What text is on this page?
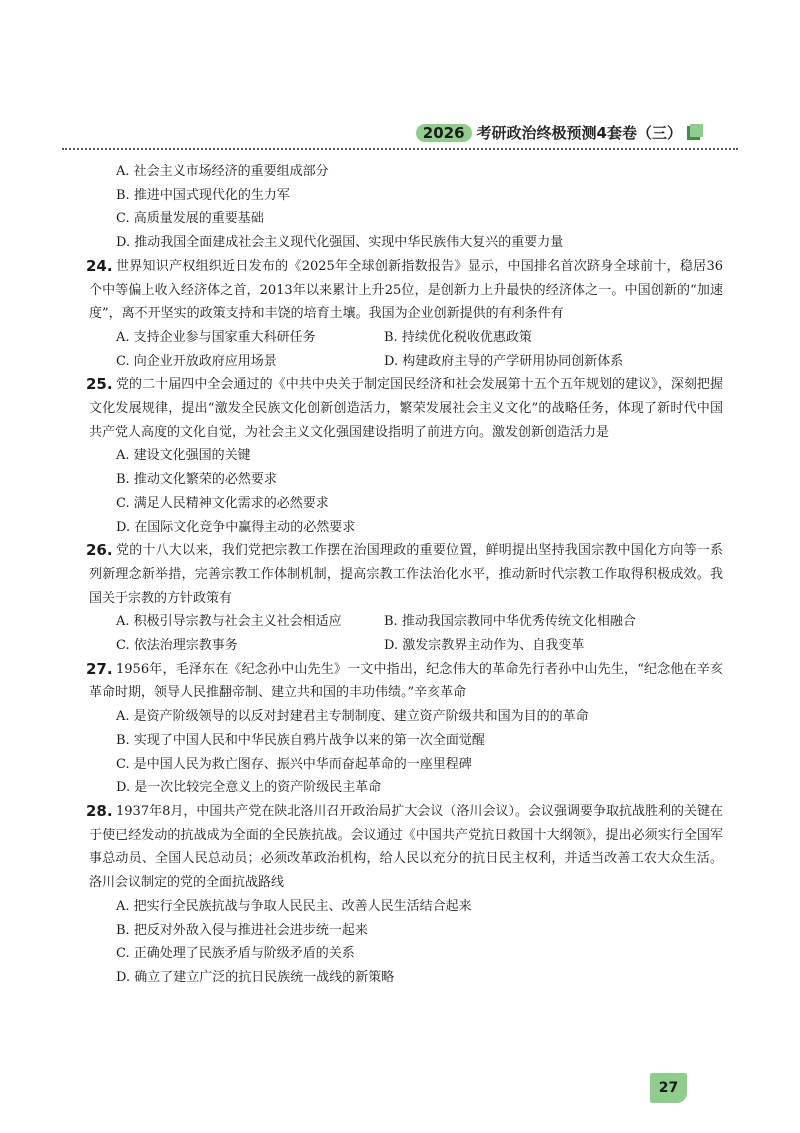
2026 考研政治终极预测4套卷（三）
A. 社会主义市场经济的重要组成部分
B. 推进中国式现代化的生力军
C. 高质量发展的重要基础
D. 推动我国全面建成社会主义现代化强国、实现中华民族伟大复兴的重要力量
24. 世界知识产权组织近日发布的《2025年全球创新指数报告》显示，中国排名首次跻身全球前十，稳居36个中等偏上收入经济体之首，2013年以来累计上升25位，是创新力上升最快的经济体之一。中国创新的“加速度”，离不开坚实的政策支持和丰饶的培育土壤。我国为企业创新提供的有利条件有
A. 支持企业参与国家重大科研任务	B. 持续优化税收优惠政策
C. 向企业开放政府应用场景	D. 构建政府主导的产学研用协同创新体系
25. 党的二十届四中全会通过的《中共中央关于制定国民经济和社会发展第十五个五年规划的建议》，深刻把握文化发展规律，提出“激发全民族文化创新创造活力，繁荣发展社会主义文化”的战略任务，体现了新时代中国共产党人高度的文化自觉，为社会主义文化强国建设指明了前进方向。激发创新创造活力是
A. 建设文化强国的关键
B. 推动文化繁荣的必然要求
C. 满足人民精神文化需求的必然要求
D. 在国际文化竞争中赢得主动的必然要求
26. 党的十八大以来，我们党把宗教工作摆在治国理政的重要位置，鲜明提出坚持我国宗教中国化方向等一系列新理念新举措，完善宗教工作体制机制，提高宗教工作法治化水平，推动新时代宗教工作取得积极成效。我国关于宗教的方针政策有
A. 积极引导宗教与社会主义社会相适应	B. 推动我国宗教同中华优秀传统文化相融合
C. 依法治理宗教事务	D. 激发宗教界主动作为、自我变革
27. 1956年，毛泽东在《纪念孙中山先生》一文中指出，纪念伟大的革命先行者孙中山先生，“纪念他在辛亥革命时期，领导人民推翻帝制、建立共和国的丰功伟绩。”辛亥革命
A. 是资产阶级领导的以反对封建君主专制制度、建立资产阶级共和国为目的的革命
B. 实现了中国人民和中华民族自鸦片战争以来的第一次全面觉醒
C. 是中国人民为救亡图存、振兴中华而奋起革命的一座里程碑
D. 是一次比较完全意义上的资产阶级民主革命
28. 1937年8月，中国共产党在陕北洛川召开政治局扩大会议（洛川会议）。会议强调要争取抗战胜利的关键在于使已经发动的抗战成为全面的全民族抗战。会议通过《中国共产党抗日救国十大纲领》，提出必须实行全国军事总动员、全国人民总动员；必须改革政治机构，给人民以充分的抗日民主权利，并适当改善工农大众生活。洛川会议制定的党的全面抗战路线
A. 把实行全民族抗战与争取人民民主、改善人民生活结合起来
B. 把反对外敌入侵与推进社会进步统一起来
C. 正确处理了民族矛盾与阶级矛盾的关系
D. 确立了建立广泛的抗日民族统一战线的新策略
27
